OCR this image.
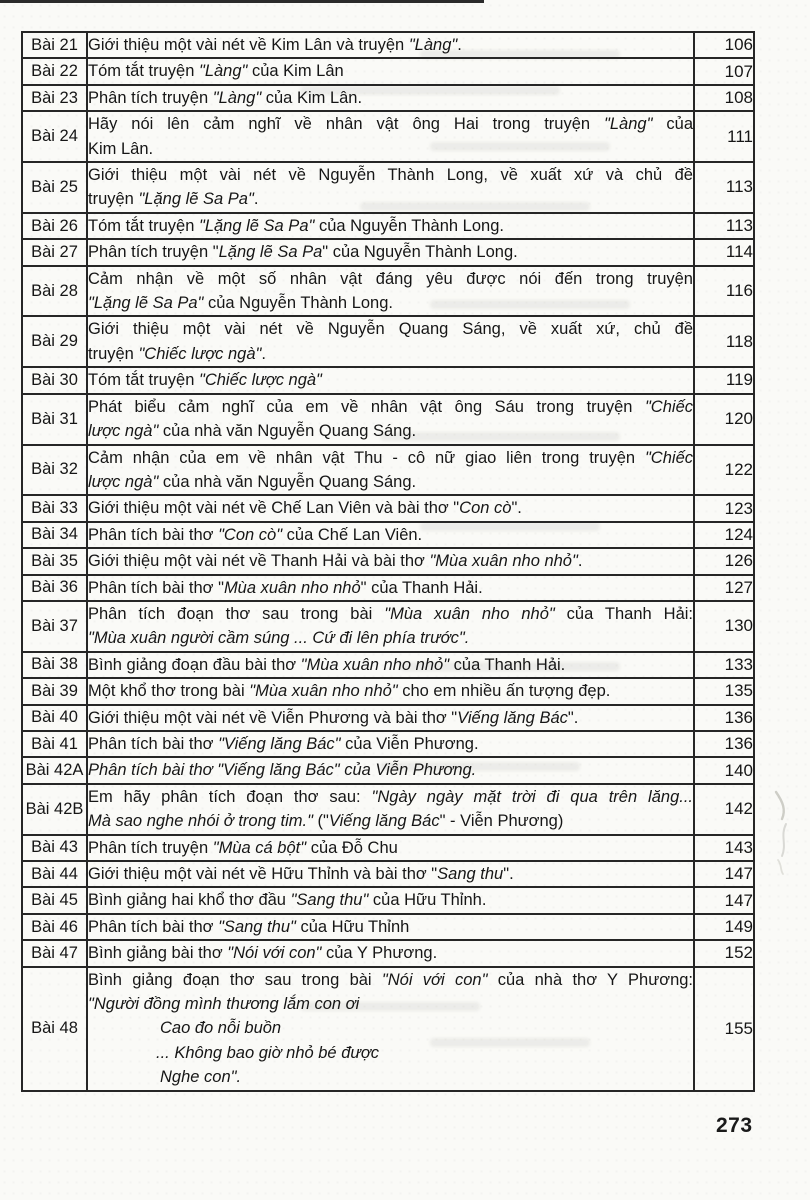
Bài 21	Giới thiệu một vài nét về Kim Lân và truyện "Làng".	106
Bài 22	Tóm tắt truyện "Làng" của Kim Lân	107
Bài 23	Phân tích truyện "Làng" của Kim Lân.	108
Bài 24	Hãy nói lên cảm nghĩ về nhân vật ông Hai trong truyện "Làng" của
Kim Lân.	111
Bài 25	Giới thiệu một vài nét về Nguyễn Thành Long, về xuất xứ và chủ đề
truyện "Lặng lẽ Sa Pa".	113
Bài 26	Tóm tắt truyện "Lặng lẽ Sa Pa" của Nguyễn Thành Long.	113
Bài 27	Phân tích truyện "Lặng lẽ Sa Pa" của Nguyễn Thành Long.	114
Bài 28	Cảm nhận về một số nhân vật đáng yêu được nói đến trong truyện
"Lặng lẽ Sa Pa" của Nguyễn Thành Long.	116
Bài 29	Giới thiệu một vài nét về Nguyễn Quang Sáng, về xuất xứ, chủ đề
truyện "Chiếc lược ngà".	118
Bài 30	Tóm tắt truyện "Chiếc lược ngà"	119
Bài 31	Phát biểu cảm nghĩ của em về nhân vật ông Sáu trong truyện "Chiếc
lược ngà" của nhà văn Nguyễn Quang Sáng.	120
Bài 32	Cảm nhận của em về nhân vật Thu - cô nữ giao liên trong truyện "Chiếc
lược ngà" của nhà văn Nguyễn Quang Sáng.	122
Bài 33	Giới thiệu một vài nét về Chế Lan Viên và bài thơ "Con cò".	123
Bài 34	Phân tích bài thơ "Con cò" của Chế Lan Viên.	124
Bài 35	Giới thiệu một vài nét về Thanh Hải và bài thơ "Mùa xuân nho nhỏ".	126
Bài 36	Phân tích bài thơ "Mùa xuân nho nhỏ" của Thanh Hải.	127
Bài 37	Phân tích đoạn thơ sau trong bài "Mùa xuân nho nhỏ" của Thanh Hải:
"Mùa xuân người cầm súng ... Cứ đi lên phía trước".	130
Bài 38	Bình giảng đoạn đầu bài thơ "Mùa xuân nho nhỏ" của Thanh Hải.	133
Bài 39	Một khổ thơ trong bài "Mùa xuân nho nhỏ" cho em nhiều ấn tượng đẹp.	135
Bài 40	Giới thiệu một vài nét về Viễn Phương và bài thơ "Viếng lăng Bác".	136
Bài 41	Phân tích bài thơ "Viếng lăng Bác" của Viễn Phương.	136
Bài 42A	Phân tích bài thơ "Viếng lăng Bác" của Viễn Phương.	140
Bài 42B	Em hãy phân tích đoạn thơ sau: "Ngày ngày mặt trời đi qua trên lăng...
Mà sao nghe nhói ở trong tim." ("Viếng lăng Bác" - Viễn Phương)	142
Bài 43	Phân tích truyện "Mùa cá bột" của Đỗ Chu	143
Bài 44	Giới thiệu một vài nét về Hữu Thỉnh và bài thơ "Sang thu".	147
Bài 45	Bình giảng hai khổ thơ đầu "Sang thu" của Hữu Thỉnh.	147
Bài 46	Phân tích bài thơ "Sang thu" của Hữu Thỉnh	149
Bài 47	Bình giảng bài thơ "Nói với con" của Y Phương.	152
Bài 48	Bình giảng đoạn thơ sau trong bài "Nói với con" của nhà thơ Y Phương:
"Người đồng mình thương lắm con ơi
Cao đo nỗi buồn
... Không bao giờ nhỏ bé được
Nghe con".	155
273
